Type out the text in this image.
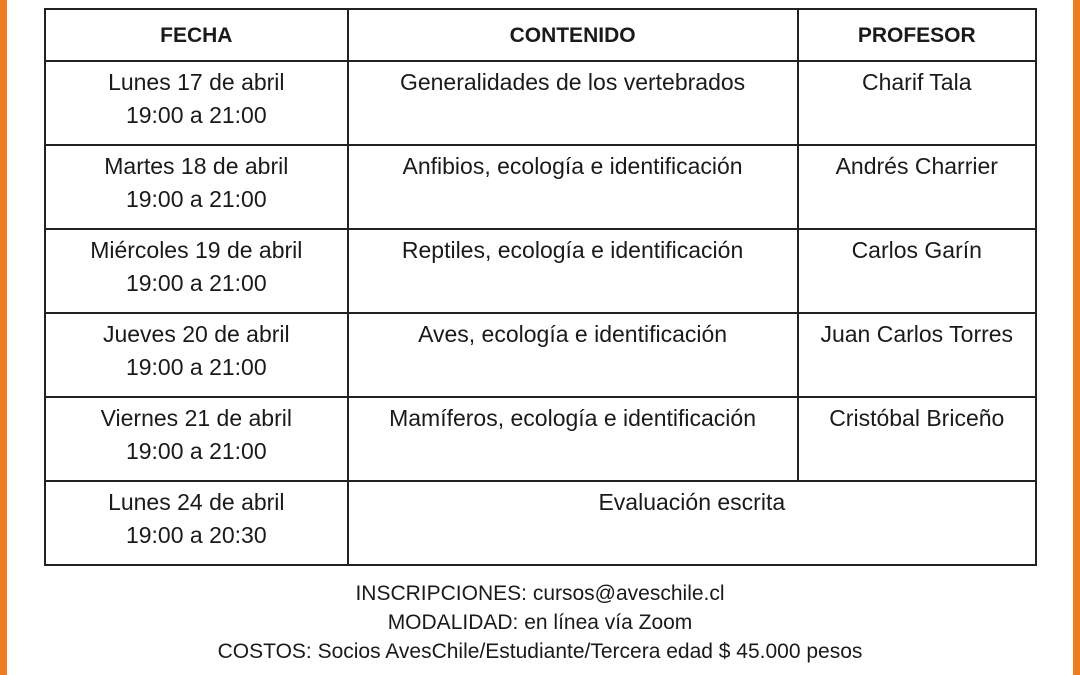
FECHA	CONTENIDO	PROFESOR

Lunes 17 de abril
19:00 a 21:00	Generalidades de los vertebrados	Charif Tala

Martes 18 de abril
19:00 a 21:00	Anfibios, ecología e identificación	Andrés Charrier

Miércoles 19 de abril
19:00 a 21:00	Reptiles, ecología e identificación	Carlos Garín

Jueves 20 de abril
19:00 a 21:00	Aves, ecología e identificación	Juan Carlos Torres

Viernes 21 de abril
19:00 a 21:00	Mamíferos, ecología e identificación	Cristóbal Briceño

Lunes 24 de abril
19:00 a 20:30	Evaluación escrita	
INSCRIPCIONES: cursos@aveschile.cl
MODALIDAD: en línea vía Zoom
COSTOS: Socios AvesChile/Estudiante/Tercera edad $ 45.000 pesos
